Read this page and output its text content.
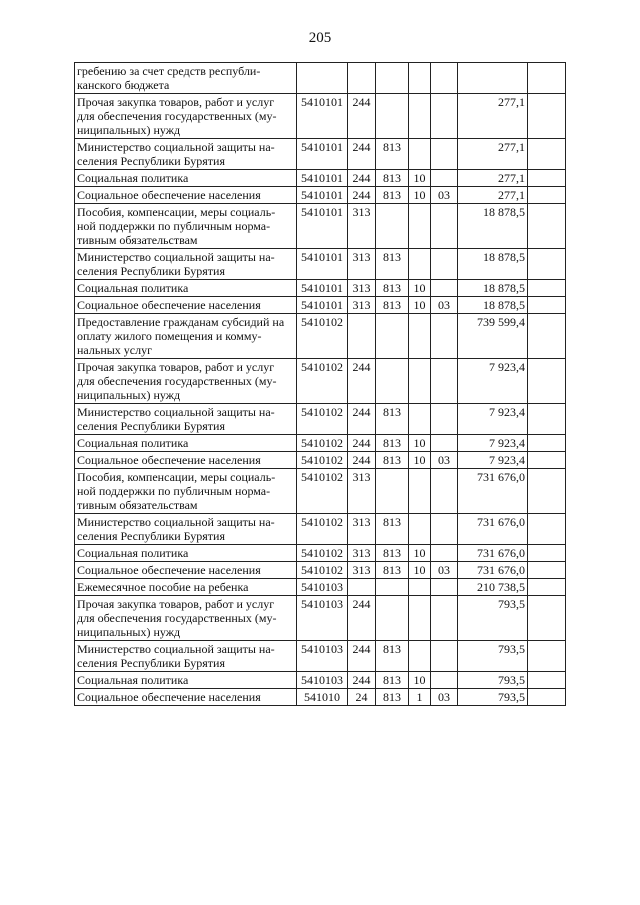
205
гребению за счет средств республи-канского бюджета							
Прочая закупка товаров, работ и услуг для обеспечения государственных (му-ниципальных) нужд	5410101	244				277,1	
Министерство социальной защиты на-селения Республики Бурятия	5410101	244	813			277,1	
Социальная политика	5410101	244	813	10		277,1	
Социальное обеспечение населения	5410101	244	813	10	03	277,1	
Пособия, компенсации, меры социаль-ной поддержки по публичным норма-тивным обязательствам	5410101	313				18 878,5	
Министерство социальной защиты на-селения Республики Бурятия	5410101	313	813			18 878,5	
Социальная политика	5410101	313	813	10		18 878,5	
Социальное обеспечение населения	5410101	313	813	10	03	18 878,5	
Предоставление гражданам субсидий на оплату жилого помещения и комму-нальных услуг	5410102					739 599,4	
Прочая закупка товаров, работ и услуг для обеспечения государственных (му-ниципальных) нужд	5410102	244				7 923,4	
Министерство социальной защиты на-селения Республики Бурятия	5410102	244	813			7 923,4	
Социальная политика	5410102	244	813	10		7 923,4	
Социальное обеспечение населения	5410102	244	813	10	03	7 923,4	
Пособия, компенсации, меры социаль-ной поддержки по публичным норма-тивным обязательствам	5410102	313				731 676,0	
Министерство социальной защиты на-селения Республики Бурятия	5410102	313	813			731 676,0	
Социальная политика	5410102	313	813	10		731 676,0	
Социальное обеспечение населения	5410102	313	813	10	03	731 676,0	
Ежемесячное пособие на ребенка	5410103					210 738,5	
Прочая закупка товаров, работ и услуг для обеспечения государственных (му-ниципальных) нужд	5410103	244				793,5	
Министерство социальной защиты на-селения Республики Бурятия	5410103	244	813			793,5	
Социальная политика	5410103	244	813	10		793,5	
Социальное обеспечение населения	541010	24	813	1	03	793,5	
